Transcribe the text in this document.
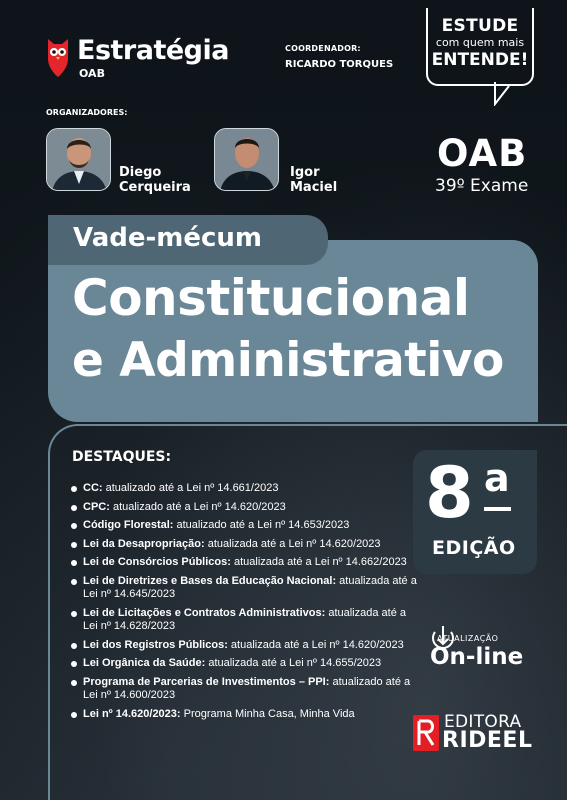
Estratégia
OAB
COORDENADOR:
RICARDO TORQUES
ESTUDE
com quem mais
ENTENDE!
ORGANIZADORES:
Diego
Cerqueira
Igor
Maciel
OAB
39º Exame
Vade-mécum
Constitucional
e Administrativo
DESTAQUES:
CC: atualizado até a Lei nº 14.661/2023
CPC: atualizado até a Lei nº 14.620/2023
Código Florestal: atualizado até a Lei nº 14.653/2023
Lei da Desapropriação: atualizada até a Lei nº 14.620/2023
Lei de Consórcios Públicos: atualizada até a Lei nº 14.662/2023
Lei de Diretrizes e Bases da Educação Nacional: atualizada até a Lei nº 14.645/2023
Lei de Licitações e Contratos Administrativos: atualizada até a Lei nº 14.628/2023
Lei dos Registros Públicos: atualizada até a Lei nº 14.620/2023
Lei Orgânica da Saúde: atualizada até a Lei nº 14.655/2023
Programa de Parcerias de Investimentos – PPI: atualizado até a Lei nº 14.600/2023
Lei nº 14.620/2023: Programa Minha Casa, Minha Vida
8 a
EDIÇÃO
ATUALIZAÇÃO
On-line
EDITORA
RIDEEL
